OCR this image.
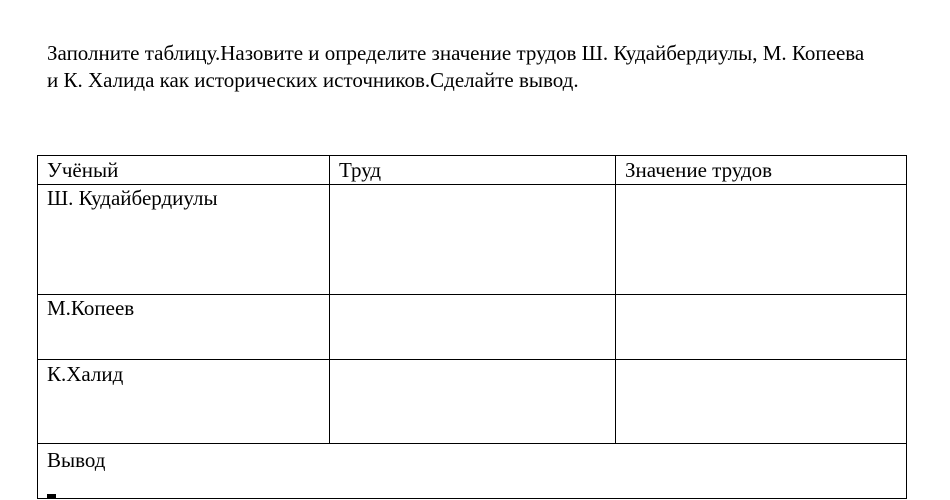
Заполните таблицу.Назовите и определите значение трудов Ш. Кудайбердиулы, М. Копеева и К. Халида как исторических источников.Сделайте вывод.
Учёный	Труд	Значение трудов
Ш. Кудайбердиулы		
М.Копеев		
К.Халид		
Вывод		
